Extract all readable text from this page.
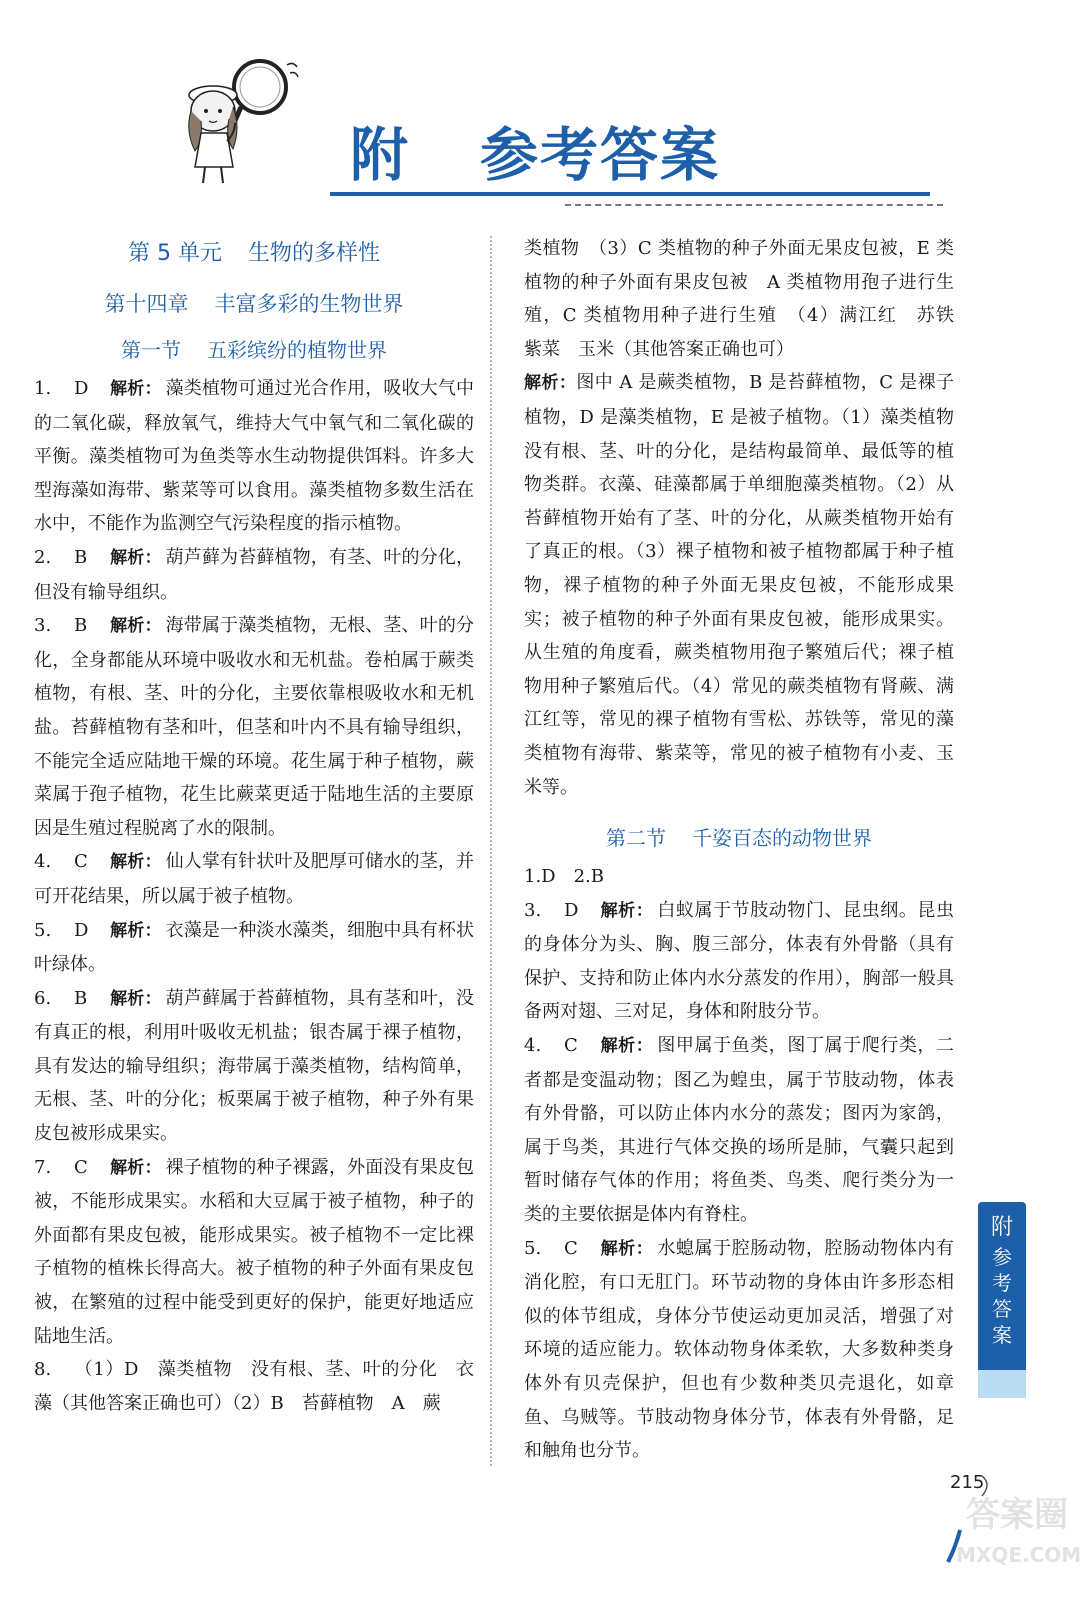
附 参考答案
第 5 单元 生物的多样性
第十四章 丰富多彩的生物世界
第一节 五彩缤纷的植物世界

1. D 解析： 藻类植物可通过光合作用，吸收大气中的二氧化碳，释放氧气，维持大气中氧气和二氧化碳的平衡。藻类植物可为鱼类等水生动物提供饵料。许多大型海藻如海带、紫菜等可以食用。藻类植物多数生活在水中，不能作为监测空气污染程度的指示植物。

2. B 解析： 葫芦藓为苔藓植物，有茎、叶的分化，但没有输导组织。

3. B 解析： 海带属于藻类植物，无根、茎、叶的分化，全身都能从环境中吸收水和无机盐。卷柏属于蕨类植物，有根、茎、叶的分化，主要依靠根吸收水和无机盐。苔藓植物有茎和叶，但茎和叶内不具有输导组织，不能完全适应陆地干燥的环境。花生属于种子植物，蕨菜属于孢子植物，花生比蕨菜更适于陆地生活的主要原因是生殖过程脱离了水的限制。

4. C 解析： 仙人掌有针状叶及肥厚可储水的茎，并可开花结果，所以属于被子植物。

5. D 解析： 衣藻是一种淡水藻类，细胞中具有杯状叶绿体。

6. B 解析： 葫芦藓属于苔藓植物，具有茎和叶，没有真正的根，利用叶吸收无机盐；银杏属于裸子植物，具有发达的输导组织；海带属于藻类植物，结构简单，无根、茎、叶的分化；板栗属于被子植物，种子外有果皮包被形成果实。

7. C 解析： 裸子植物的种子裸露，外面没有果皮包被，不能形成果实。水稻和大豆属于被子植物，种子的外面都有果皮包被，能形成果实。被子植物不一定比裸子植物的植株长得高大。被子植物的种子外面有果皮包被，在繁殖的过程中能受到更好的保护，能更好地适应陆地生活。

8. （1）D　藻类植物　没有根、茎、叶的分化　衣藻（其他答案正确也可）（2）B　苔藓植物　A　蕨

类植物　（3）C 类植物的种子外面无果皮包被，E 类植物的种子外面有果皮包被　A 类植物用孢子进行生殖，C 类植物用种子进行生殖　（4）满江红　苏铁　紫菜　玉米（其他答案正确也可）

解析：图中 A 是蕨类植物，B 是苔藓植物，C 是裸子植物，D 是藻类植物，E 是被子植物。（1）藻类植物没有根、茎、叶的分化，是结构最简单、最低等的植物类群。衣藻、硅藻都属于单细胞藻类植物。（2）从苔藓植物开始有了茎、叶的分化，从蕨类植物开始有了真正的根。（3）裸子植物和被子植物都属于种子植物，裸子植物的种子外面无果皮包被，不能形成果实；被子植物的种子外面有果皮包被，能形成果实。从生殖的角度看，蕨类植物用孢子繁殖后代；裸子植物用种子繁殖后代。（4）常见的蕨类植物有肾蕨、满江红等，常见的裸子植物有雪松、苏铁等，常见的藻类植物有海带、紫菜等，常见的被子植物有小麦、玉米等。

第二节 千姿百态的动物世界

1.D　2.B

3. D 解析： 白蚁属于节肢动物门、昆虫纲。昆虫的身体分为头、胸、腹三部分，体表有外骨骼（具有保护、支持和防止体内水分蒸发的作用），胸部一般具备两对翅、三对足，身体和附肢分节。

4. C 解析： 图甲属于鱼类，图丁属于爬行类，二者都是变温动物；图乙为蝗虫，属于节肢动物，体表有外骨骼，可以防止体内水分的蒸发；图丙为家鸽，属于鸟类，其进行气体交换的场所是肺，气囊只起到暂时储存气体的作用；将鱼类、鸟类、爬行类分为一类的主要依据是体内有脊柱。

5. C 解析： 水螅属于腔肠动物，腔肠动物体内有消化腔，有口无肛门。环节动物的身体由许多形态相似的体节组成，身体分节使运动更加灵活，增强了对环境的适应能力。软体动物身体柔软，大多数种类身体外有贝壳保护，但也有少数种类贝壳退化，如章鱼、乌贼等。节肢动物身体分节，体表有外骨骼，足和触角也分节。

附
参考答案
215
答案圈
MXQE.COM
